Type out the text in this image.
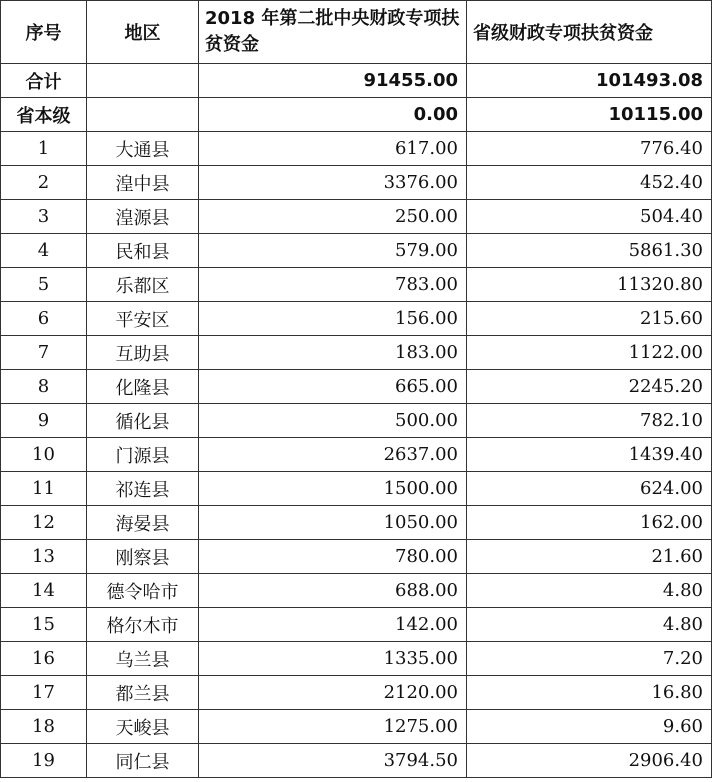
序号	地区	2018 年第二批中央财政专项扶贫资金	省级财政专项扶贫资金
合计		91455.00	101493.08
省本级		0.00	10115.00
1	大通县	617.00	776.40
2	湟中县	3376.00	452.40
3	湟源县	250.00	504.40
4	民和县	579.00	5861.30
5	乐都区	783.00	11320.80
6	平安区	156.00	215.60
7	互助县	183.00	1122.00
8	化隆县	665.00	2245.20
9	循化县	500.00	782.10
10	门源县	2637.00	1439.40
11	祁连县	1500.00	624.00
12	海晏县	1050.00	162.00
13	刚察县	780.00	21.60
14	德令哈市	688.00	4.80
15	格尔木市	142.00	4.80
16	乌兰县	1335.00	7.20
17	都兰县	2120.00	16.80
18	天峻县	1275.00	9.60
19	同仁县	3794.50	2906.40
